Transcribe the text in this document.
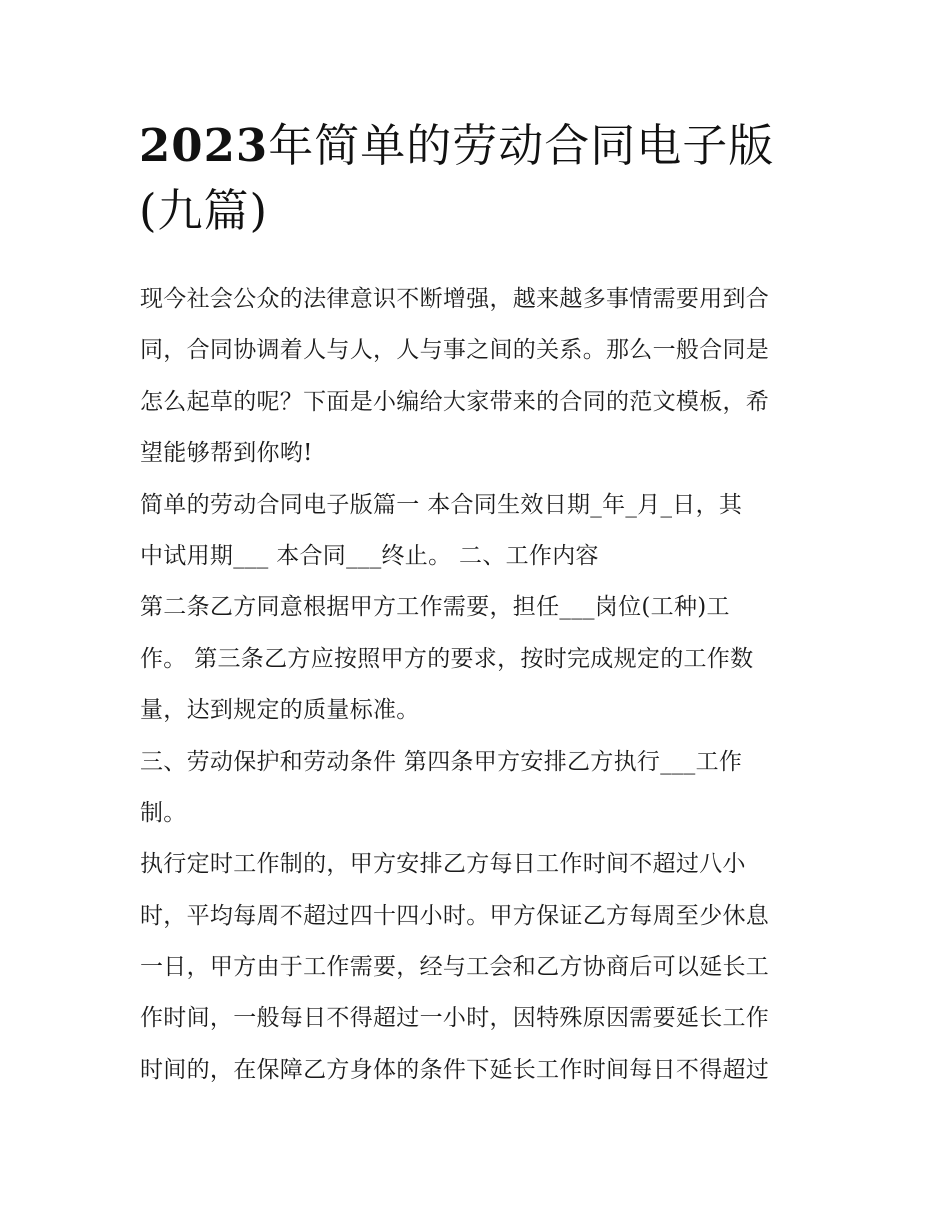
2023年简单的劳动合同电子版
(九篇)
现今社会公众的法律意识不断增强，越来越多事情需要用到合
同，合同协调着人与人，人与事之间的关系。那么一般合同是
怎么起草的呢？下面是小编给大家带来的合同的范文模板，希
望能够帮到你哟!
简单的劳动合同电子版篇一 本合同生效日期_年_月_日，其
中试用期___ 本合同___终止。 二、工作内容
第二条乙方同意根据甲方工作需要，担任___岗位(工种)工
作。 第三条乙方应按照甲方的要求，按时完成规定的工作数
量，达到规定的质量标准。
三、劳动保护和劳动条件 第四条甲方安排乙方执行___工作
制。
执行定时工作制的，甲方安排乙方每日工作时间不超过八小
时，平均每周不超过四十四小时。甲方保证乙方每周至少休息
一日，甲方由于工作需要，经与工会和乙方协商后可以延长工
作时间，一般每日不得超过一小时，因特殊原因需要延长工作
时间的，在保障乙方身体的条件下延长工作时间每日不得超过
